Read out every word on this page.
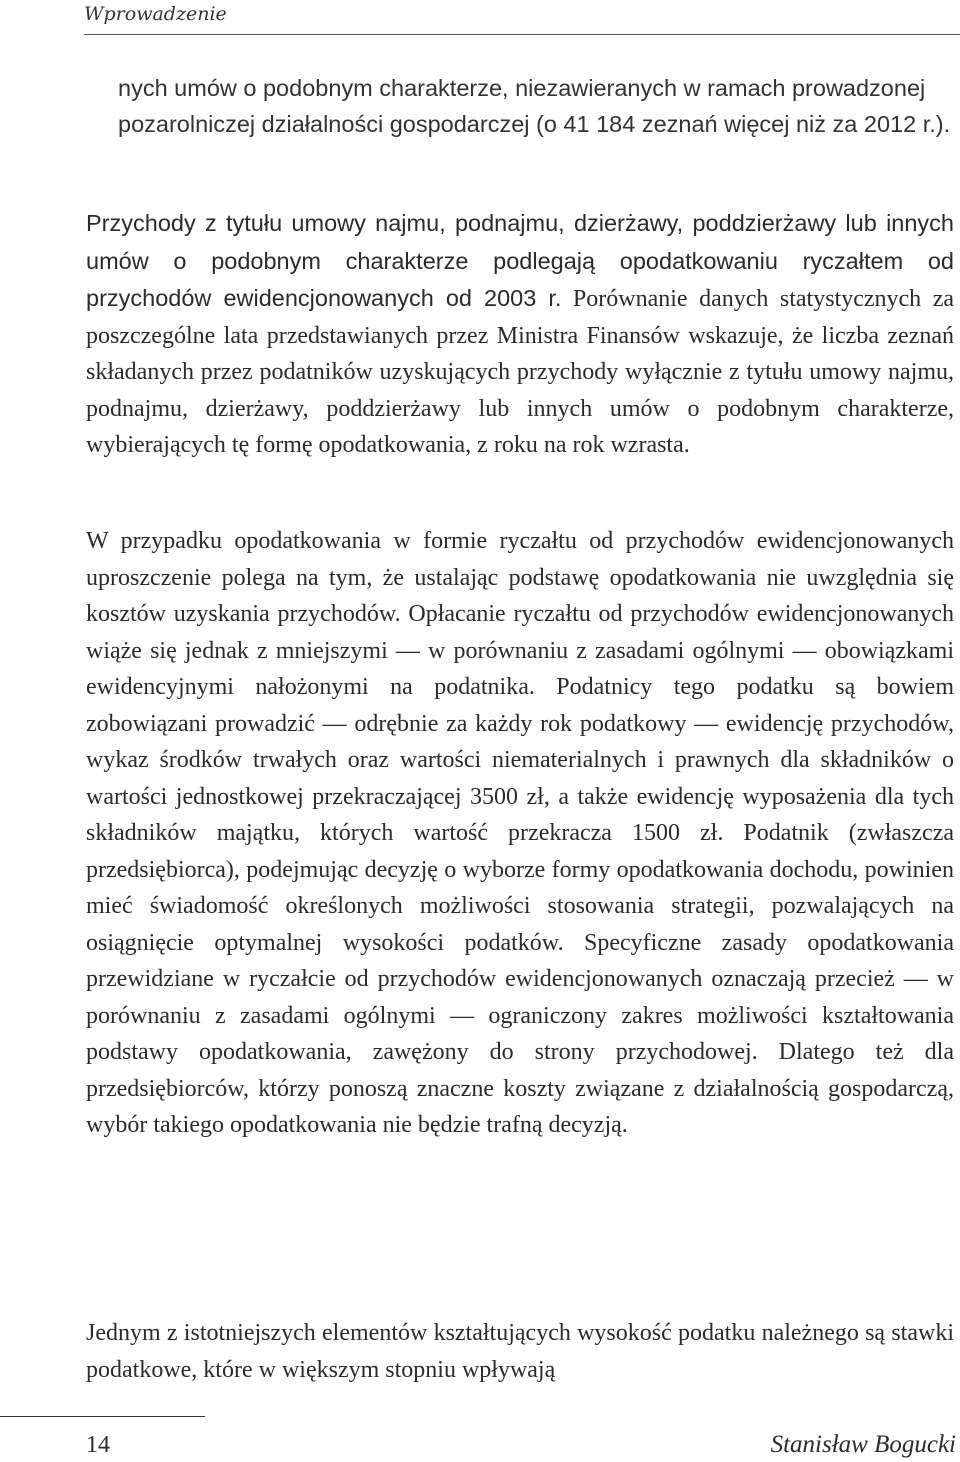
Wprowadzenie

nych umów o podobnym charakterze, niezawieranych w ramach prowadzonej pozarolniczej działalności gospodarczej (o 41 184 zeznań więcej niż za 2012 r.).

Przychody z tytułu umowy najmu, podnajmu, dzierżawy, poddzierżawy lub innych umów o podobnym charakterze podlegają opodatkowaniu ryczałtem od przychodów ewidencjonowanych od 2003 r. Porównanie danych statystycznych za poszczególne lata przedstawianych przez Ministra Finansów wskazuje, że liczba zeznań składanych przez podatników uzyskujących przychody wyłącznie z tytułu umowy najmu, podnajmu, dzierżawy, poddzierżawy lub innych umów o podobnym charakterze, wybierających tę formę opodatkowania, z roku na rok wzrasta.

W przypadku opodatkowania w formie ryczałtu od przychodów ewidencjonowanych uproszczenie polega na tym, że ustalając podstawę opodatkowania nie uwzględnia się kosztów uzyskania przychodów. Opłacanie ryczałtu od przychodów ewidencjonowanych wiąże się jednak z mniejszymi — w porównaniu z zasadami ogólnymi — obowiązkami ewidencyjnymi nałożonymi na podatnika. Podatnicy tego podatku są bowiem zobowiązani prowadzić — odrębnie za każdy rok podatkowy — ewidencję przychodów, wykaz środków trwałych oraz wartości niematerialnych i prawnych dla składników o wartości jednostkowej przekraczającej 3500 zł, a także ewidencję wyposażenia dla tych składników majątku, których wartość przekracza 1500 zł. Podatnik (zwłaszcza przedsiębiorca), podejmując decyzję o wyborze formy opodatkowania dochodu, powinien mieć świadomość określonych możliwości stosowania strategii, pozwalających na osiągnięcie optymalnej wysokości podatków. Specyficzne zasady opodatkowania przewidziane w ryczałcie od przychodów ewidencjonowanych oznaczają przecież — w porównaniu z zasadami ogólnymi — ograniczony zakres możliwości kształtowania podstawy opodatkowania, zawężony do strony przychodowej. Dlatego też dla przedsiębiorców, którzy ponoszą znaczne koszty związane z działalnością gospodarczą, wybór takiego opodatkowania nie będzie trafną decyzją.

Jednym z istotniejszych elementów kształtujących wysokość podatku należnego są stawki podatkowe, które w większym stopniu wpływają

14	Stanisław Bogucki
